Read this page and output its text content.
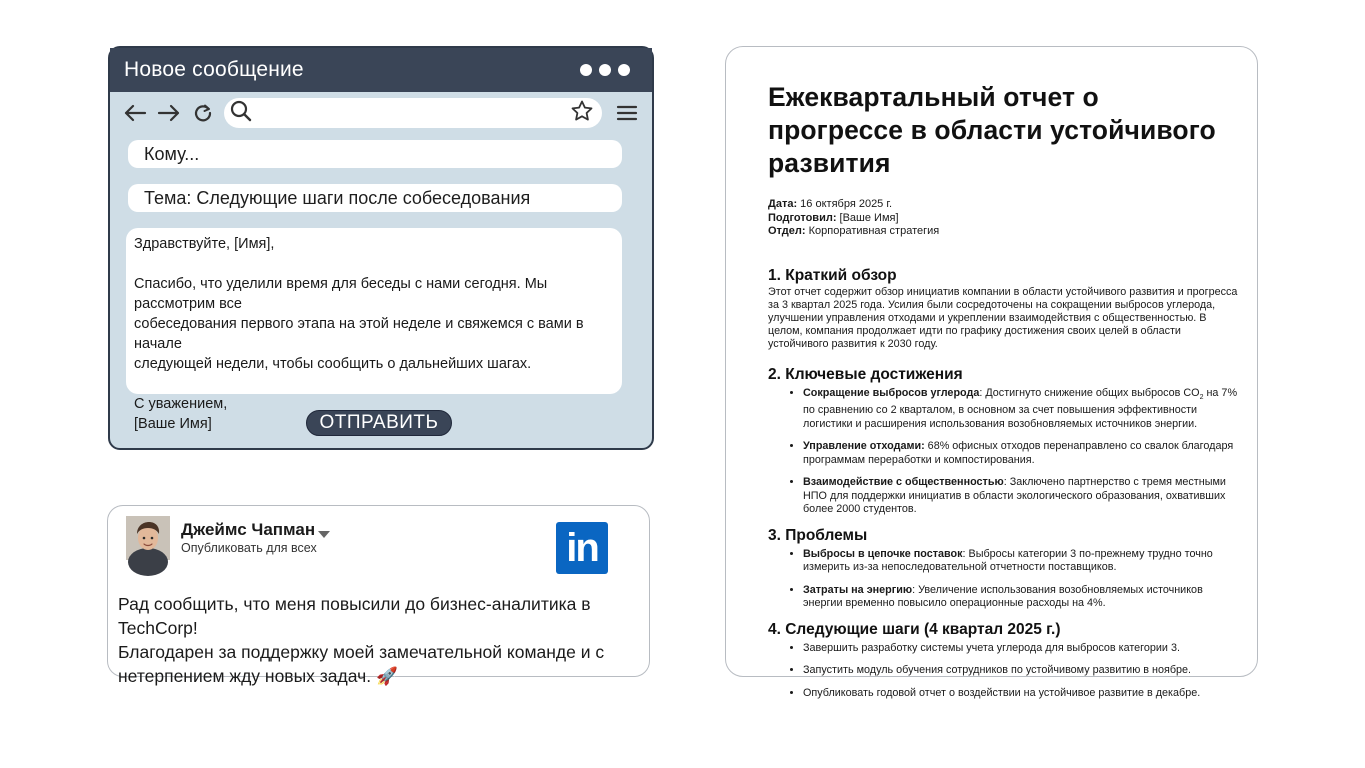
Новое сообщение
Кому...
Тема: Следующие шаги после собеседования

Здравствуйте, [Имя],

Спасибо, что уделили время для беседы с нами сегодня. Мы рассмотрим все

собеседования первого этапа на этой неделе и свяжемся с вами в начале

следующей недели, чтобы сообщить о дальнейших шагах.

С уважением,

[Ваше Имя]	ОТПРАВИТЬ
Джеймс Чапман
Опубликовать для всех	in
Рад сообщить, что меня повысили до бизнес-аналитика в TechCorp!
Благодарен за поддержку моей замечательной команде и с
нетерпением жду новых задач. 🚀
Ежеквартальный отчет о прогрессе в области устойчивого развития
Дата: 16 октября 2025 г.
Подготовил: [Ваше Имя]
Отдел: Корпоративная стратегия
1. Краткий обзор

Этот отчет содержит обзор инициатив компании в области устойчивого развития и прогресса за 3 квартал 2025 года. Усилия были сосредоточены на сокращении выбросов углерода, улучшении управления отходами и укреплении взаимодействия с общественностью. В целом, компания продолжает идти по графику достижения своих целей в области устойчивого развития к 2030 году.

2. Ключевые достижения
• Сокращение выбросов углерода: Достигнуто снижение общих выбросов $CO_2$ на 7% по сравнению со 2 кварталом, в основном за счет повышения эффективности логистики и расширения использования возобновляемых источников энергии.
• Управление отходами: 68% офисных отходов перенаправлено со свалок благодаря программам переработки и компостирования.
• Взаимодействие с общественностью: Заключено партнерство с тремя местными НПО для поддержки инициатив в области экологического образования, охвативших более 2000 студентов.
3. Проблемы
• Выбросы в цепочке поставок: Выбросы категории 3 по-прежнему трудно точно измерить из-за непоследовательной отчетности поставщиков.
• Затраты на энергию: Увеличение использования возобновляемых источников энергии временно повысило операционные расходы на 4%.
4. Следующие шаги (4 квартал 2025 г.)
• Завершить разработку системы учета углерода для выбросов категории 3.
• Запустить модуль обучения сотрудников по устойчивому развитию в ноябре.
• Опубликовать годовой отчет о воздействии на устойчивое развитие в декабре.
